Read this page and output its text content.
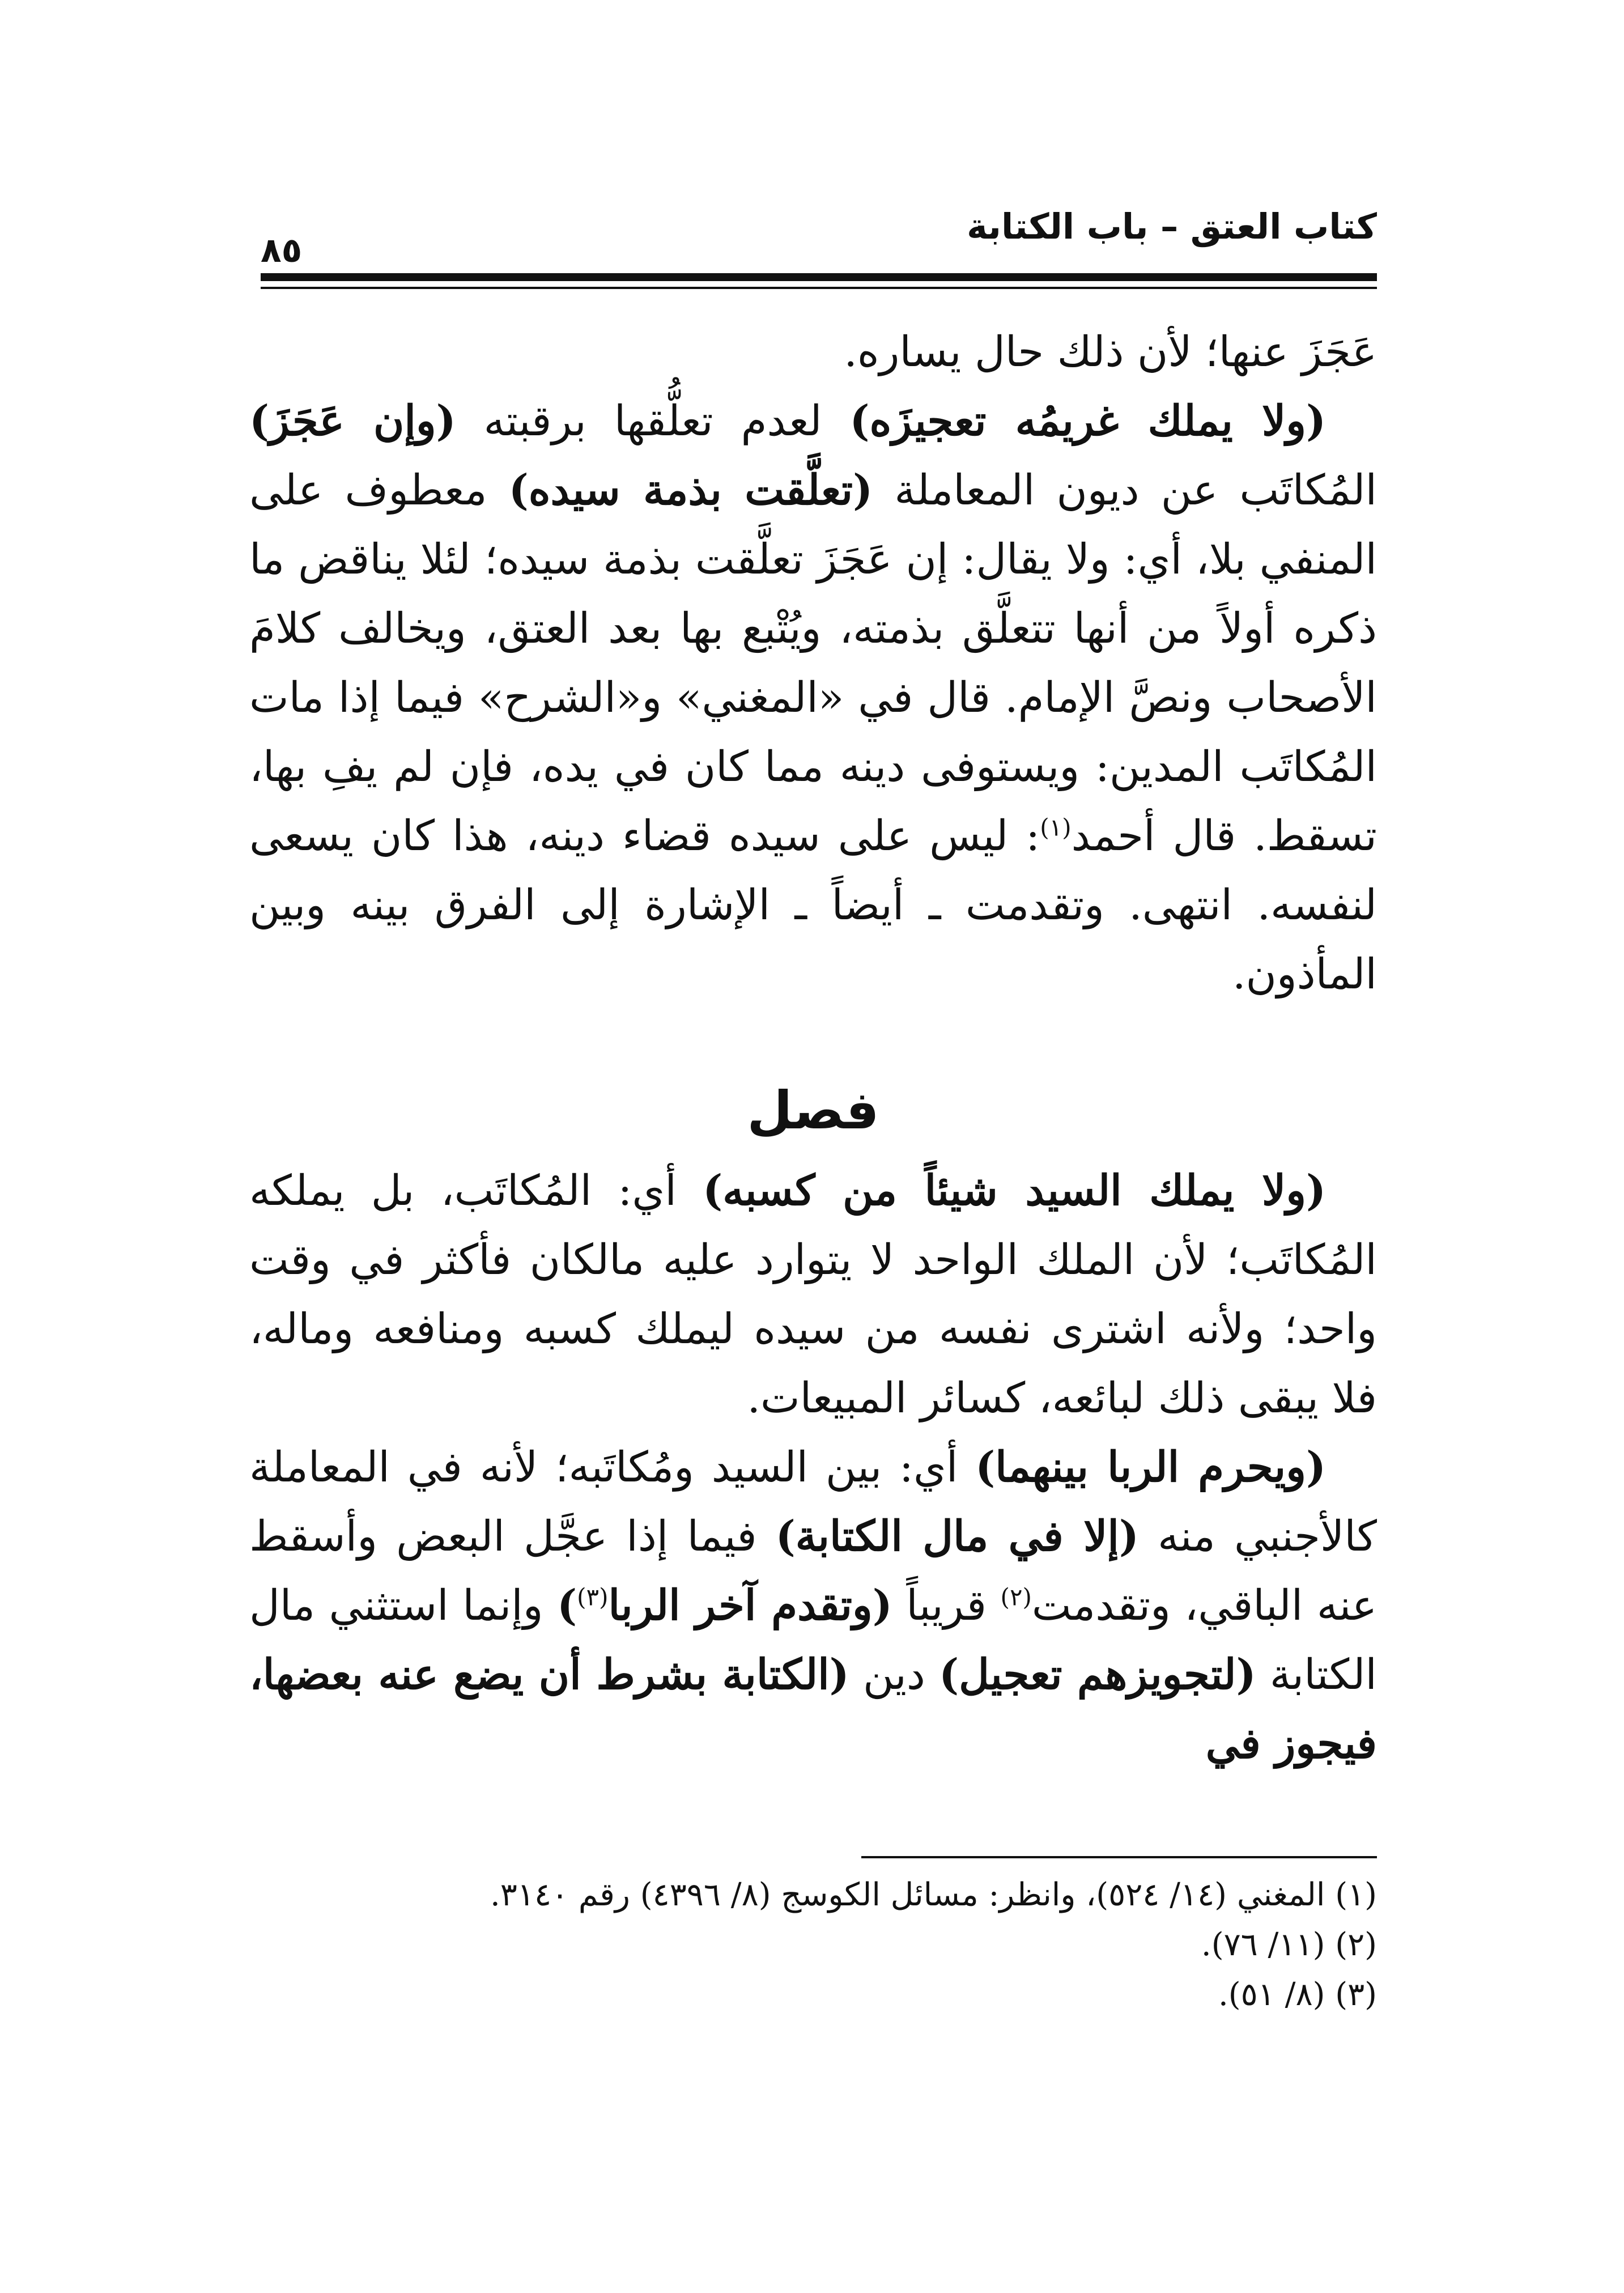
كتاب العتق – باب الكتابة
٨٥

عَجَزَ عنها؛ لأن ذلك حال يساره.

(ولا يملك غريمُه تعجيزَه) لعدم تعلُّقها برقبته (وإن عَجَزَ) المُكاتَب عن ديون المعاملة (تعلَّقت بذمة سيده) معطوف على المنفي بلا، أي: ولا يقال: إن عَجَزَ تعلَّقت بذمة سيده؛ لئلا يناقض ما ذكره أولاً من أنها تتعلَّق بذمته، ويُتْبع بها بعد العتق، ويخالف كلامَ الأصحاب ونصَّ الإمام. قال في «المغني» و«الشرح» فيما إذا مات المُكاتَب المدين: ويستوفى دينه مما كان في يده، فإن لم يفِ بها، تسقط. قال أحمد$^{(١)}$: ليس على سيده قضاء دينه، هذا كان يسعى لنفسه. انتهى. وتقدمت ـ أيضاً ـ الإشارة إلى الفرق بينه وبين المأذون.

فصل

(ولا يملك السيد شيئاً من كسبه) أي: المُكاتَب، بل يملكه المُكاتَب؛ لأن الملك الواحد لا يتوارد عليه مالكان فأكثر في وقت واحد؛ ولأنه اشترى نفسه من سيده ليملك كسبه ومنافعه وماله، فلا يبقى ذلك لبائعه، كسائر المبيعات.

(ويحرم الربا بينهما) أي: بين السيد ومُكاتَبه؛ لأنه في المعاملة كالأجنبي منه (إلا في مال الكتابة) فيما إذا عجَّل البعض وأسقط عنه الباقي، وتقدمت$^{(٢)}$ قريباً (وتقدم آخر الربا$^{(٣)}$) وإنما استثني مال الكتابة (لتجويزهم تعجيل) دين (الكتابة بشرط أن يضع عنه بعضها، فيجوز في

(١) المغني (١٤/ ٥٢٤)، وانظر: مسائل الكوسج (٨/ ٤٣٩٦) رقم ٣١٤٠.
(٢) (١١/ ٧٦).
(٣) (٨/ ٥١).
